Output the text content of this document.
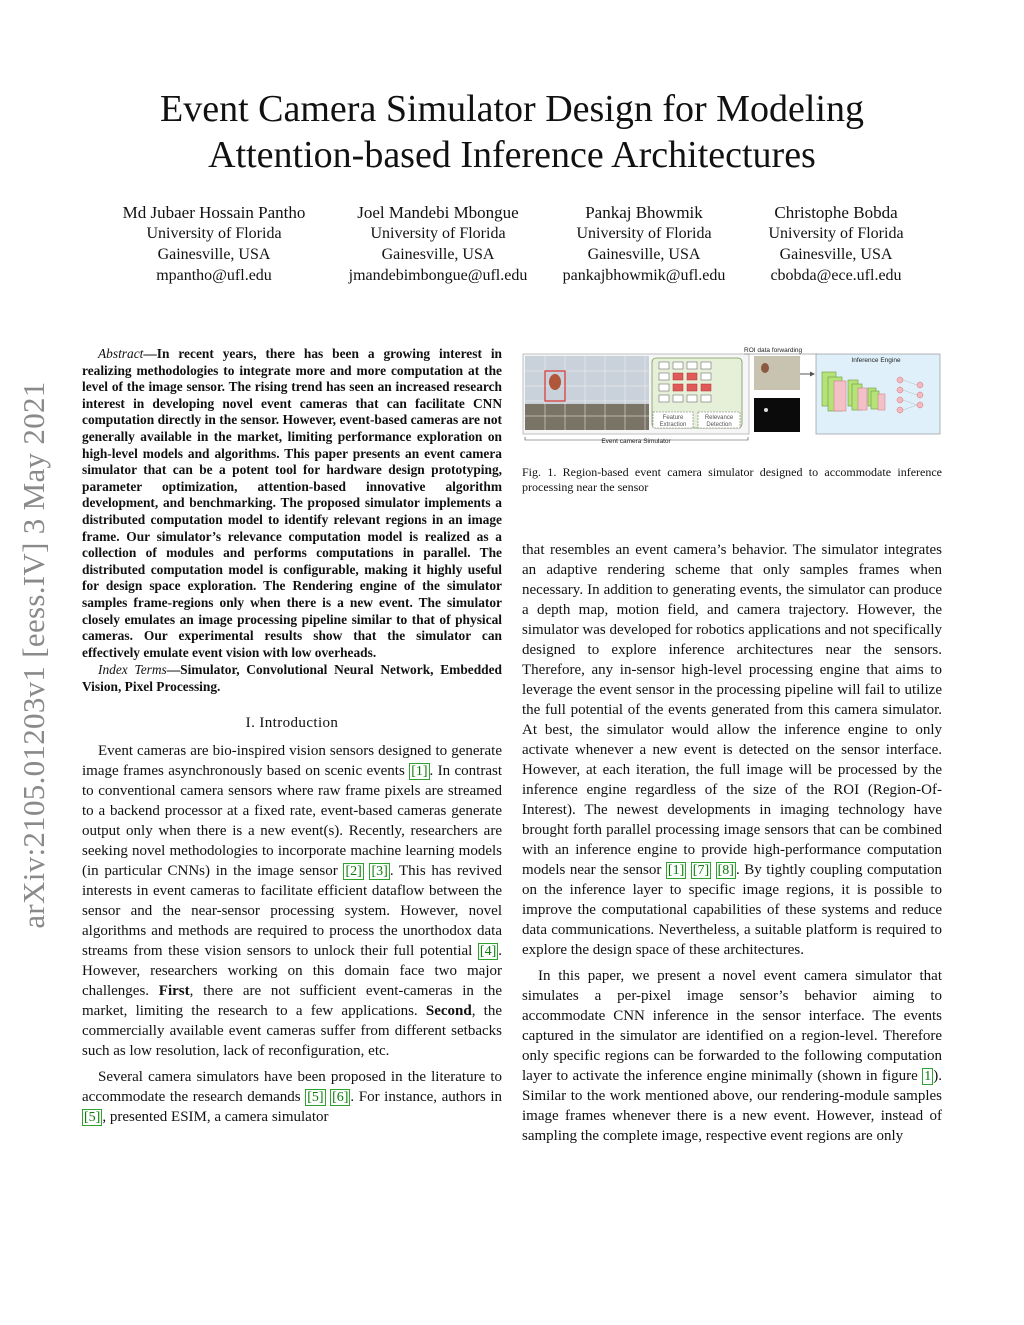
arXiv:2105.01203v1 [eess.IV] 3 May 2021
Event Camera Simulator Design for Modeling
Attention-based Inference Architectures
Md Jubaer Hossain Pantho
University of Florida
Gainesville, USA
mpantho@ufl.edu
Joel Mandebi Mbongue
University of Florida
Gainesville, USA
jmandebimbongue@ufl.edu
Pankaj Bhowmik
University of Florida
Gainesville, USA
pankajbhowmik@ufl.edu
Christophe Bobda
University of Florida
Gainesville, USA
cbobda@ece.ufl.edu
Abstract—In recent years, there has been a growing interest in realizing methodologies to integrate more and more computation at the level of the image sensor. The rising trend has seen an increased research interest in developing novel event cameras that can facilitate CNN computation directly in the sensor. However, event-based cameras are not generally available in the market, limiting performance exploration on high-level models and algorithms. This paper presents an event camera simulator that can be a potent tool for hardware design prototyping, parameter optimization, attention-based innovative algorithm development, and benchmarking. The proposed simulator implements a distributed computation model to identify relevant regions in an image frame. Our simulator’s relevance computation model is realized as a collection of modules and performs computations in parallel. The distributed computation model is configurable, making it highly useful for design space exploration. The Rendering engine of the simulator samples frame-regions only when there is a new event. The simulator closely emulates an image processing pipeline similar to that of physical cameras. Our experimental results show that the simulator can effectively emulate event vision with low overheads.
Index Terms—Simulator, Convolutional Neural Network, Embedded Vision, Pixel Processing.
I. Introduction

Event cameras are bio-inspired vision sensors designed to generate image frames asynchronously based on scenic events [1] . In contrast to conventional camera sensors where raw frame pixels are streamed to a backend processor at a fixed rate, event-based cameras generate output only when there is a new event(s). Recently, researchers are seeking novel methodologies to incorporate machine learning models (in particular CNNs) in the image sensor [2] [3] . This has revived interests in event cameras to facilitate efficient dataflow between the sensor and the near-sensor processing system. However, novel algorithms and methods are required to process the unorthodox data streams from these vision sensors to unlock their full potential [4] . However, researchers working on this domain face two major challenges. First, there are not sufficient event-cameras in the market, limiting the research to a few applications. Second, the commercially available event cameras suffer from different setbacks such as low resolution, lack of reconfiguration, etc.

Several camera simulators have been proposed in the literature to accommodate the research demands [5] [6] . For instance, authors in [5] , presented ESIM, a camera simulator

Feature
Extraction
Relevance
Detection
ROI data forwarding
Inference Engine
Event camera Simulator
Fig. 1. Region-based event camera simulator designed to accommodate inference processing near the sensor

that resembles an event camera’s behavior. The simulator integrates an adaptive rendering scheme that only samples frames when necessary. In addition to generating events, the simulator can produce a depth map, motion field, and camera trajectory. However, the simulator was developed for robotics applications and not specifically designed to explore inference architectures near the sensors. Therefore, any in-sensor high-level processing engine that aims to leverage the event sensor in the processing pipeline will fail to utilize the full potential of the events generated from this camera simulator. At best, the simulator would allow the inference engine to only activate whenever a new event is detected on the sensor interface. However, at each iteration, the full image will be processed by the inference engine regardless of the size of the ROI (Region-Of-Interest). The newest developments in imaging technology have brought forth parallel processing image sensors that can be combined with an inference engine to provide high-performance computation models near the sensor [1] [7] [8] . By tightly coupling computation on the inference layer to specific image regions, it is possible to improve the computational capabilities of these systems and reduce data communications. Nevertheless, a suitable platform is required to explore the design space of these architectures.

In this paper, we present a novel event camera simulator that simulates a per-pixel image sensor’s behavior aiming to accommodate CNN inference in the sensor interface. The events captured in the simulator are identified on a region-level. Therefore only specific regions can be forwarded to the following computation layer to activate the inference engine minimally (shown in figure 1 ). Similar to the work mentioned above, our rendering-module samples image frames whenever there is a new event. However, instead of sampling the complete image, respective event regions are only
